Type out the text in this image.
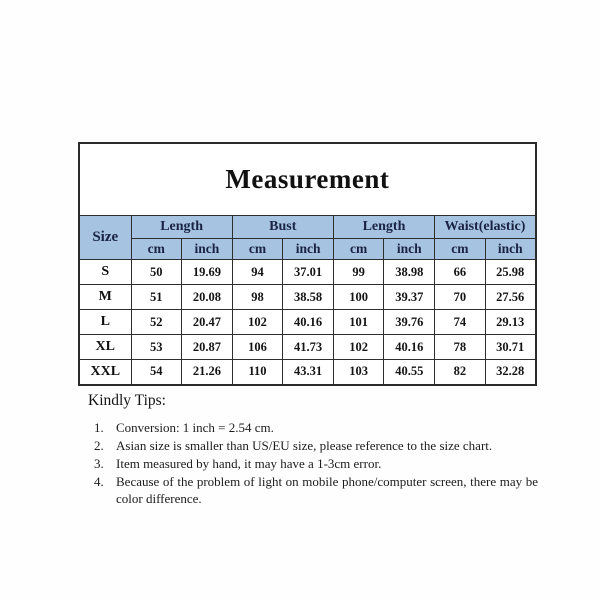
Measurement								
Size	Length		Bust		Length		Waist(elastic)	
	cm	inch	cm	inch	cm	inch	cm	inch
S	50	19.69	94	37.01	99	38.98	66	25.98
M	51	20.08	98	38.58	100	39.37	70	27.56
L	52	20.47	102	40.16	101	39.76	74	29.13
XL	53	20.87	106	41.73	102	40.16	78	30.71
XXL	54	21.26	110	43.31	103	40.55	82	32.28
Kindly Tips:
1. Conversion: 1 inch = 2.54 cm.
2. Asian size is smaller than US/EU size, please reference to the size chart.
3. Item measured by hand, it may have a 1-3cm error.
4. Because of the problem of light on mobile phone/computer screen, there may be color difference.
